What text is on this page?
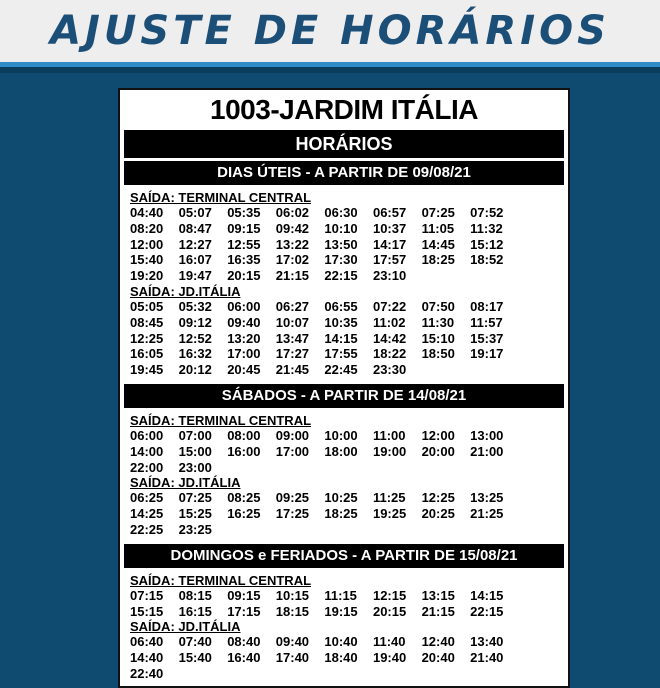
AJUSTE DE HORÁRIOS
1003-JARDIM ITÁLIA
HORÁRIOS
DIAS ÚTEIS - A PARTIR DE 09/08/21
SAÍDA: TERMINAL CENTRAL
04:40	05:07	05:35	06:02	06:30	06:57	07:25	07:52
08:20	08:47	09:15	09:42	10:10	10:37	11:05	11:32
12:00	12:27	12:55	13:22	13:50	14:17	14:45	15:12
15:40	16:07	16:35	17:02	17:30	17:57	18:25	18:52
19:20	19:47	20:15	21:15	22:15	23:10
SAÍDA: JD.ITÁLIA
05:05	05:32	06:00	06:27	06:55	07:22	07:50	08:17
08:45	09:12	09:40	10:07	10:35	11:02	11:30	11:57
12:25	12:52	13:20	13:47	14:15	14:42	15:10	15:37
16:05	16:32	17:00	17:27	17:55	18:22	18:50	19:17
19:45	20:12	20:45	21:45	22:45	23:30
SÁBADOS - A PARTIR DE 14/08/21
SAÍDA: TERMINAL CENTRAL
06:00	07:00	08:00	09:00	10:00	11:00	12:00	13:00
14:00	15:00	16:00	17:00	18:00	19:00	20:00	21:00
22:00	23:00
SAÍDA: JD.ITÁLIA
06:25	07:25	08:25	09:25	10:25	11:25	12:25	13:25
14:25	15:25	16:25	17:25	18:25	19:25	20:25	21:25
22:25	23:25
DOMINGOS e FERIADOS - A PARTIR DE 15/08/21
SAÍDA: TERMINAL CENTRAL
07:15	08:15	09:15	10:15	11:15	12:15	13:15	14:15
15:15	16:15	17:15	18:15	19:15	20:15	21:15	22:15
SAÍDA: JD.ITÁLIA
06:40	07:40	08:40	09:40	10:40	11:40	12:40	13:40
14:40	15:40	16:40	17:40	18:40	19:40	20:40	21:40
22:40
